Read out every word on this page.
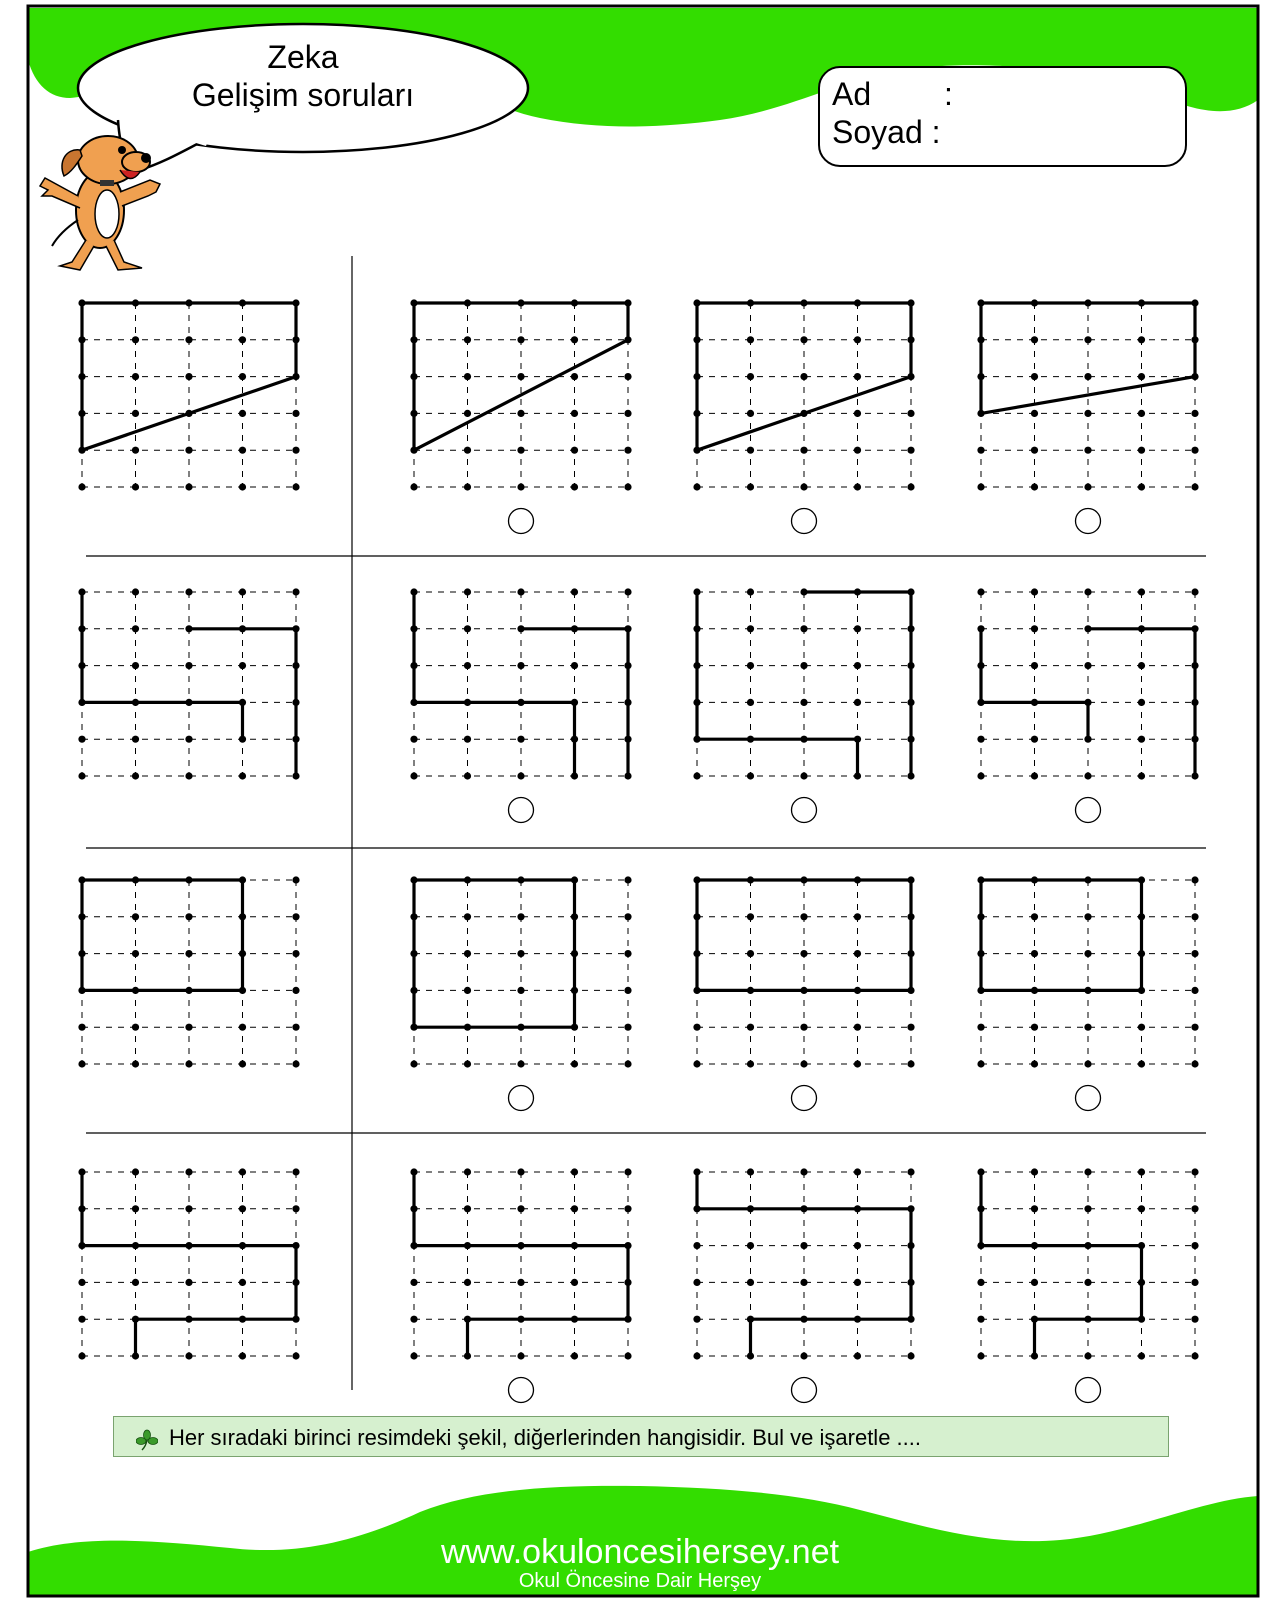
Zeka
Gelişim soruları	Ad :
Soyad :
Her sıradaki birinci resimdeki şekil, diğerlerinden hangisidir. Bul ve işaretle ....
www.okuloncesihersey.net
Okul Öncesine Dair Herşey
